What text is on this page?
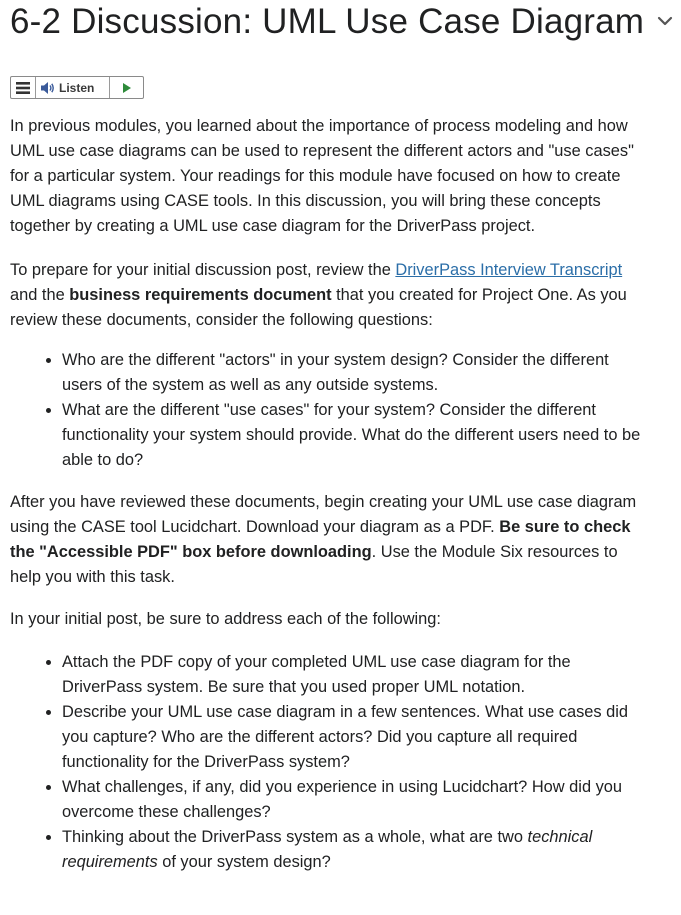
6-2 Discussion: UML Use Case Diagram
Listen

In previous modules, you learned about the importance of process modeling and how UML use case diagrams can be used to represent the different actors and "use cases" for a particular system. Your readings for this module have focused on how to create UML diagrams using CASE tools. In this discussion, you will bring these concepts together by creating a UML use case diagram for the DriverPass project.

To prepare for your initial discussion post, review the DriverPass Interview Transcript and the business requirements document that you created for Project One. As you review these documents, consider the following questions:

• Who are the different "actors" in your system design? Consider the different users of the system as well as any outside systems.
• What are the different "use cases" for your system? Consider the different functionality your system should provide. What do the different users need to be able to do?

After you have reviewed these documents, begin creating your UML use case diagram using the CASE tool Lucidchart. Download your diagram as a PDF. Be sure to check the "Accessible PDF" box before downloading. Use the Module Six resources to help you with this task.

In your initial post, be sure to address each of the following:

• Attach the PDF copy of your completed UML use case diagram for the DriverPass system. Be sure that you used proper UML notation.
• Describe your UML use case diagram in a few sentences. What use cases did you capture? Who are the different actors? Did you capture all required functionality for the DriverPass system?
• What challenges, if any, did you experience in using Lucidchart? How did you overcome these challenges?
• Thinking about the DriverPass system as a whole, what are two technical requirements of your system design?
